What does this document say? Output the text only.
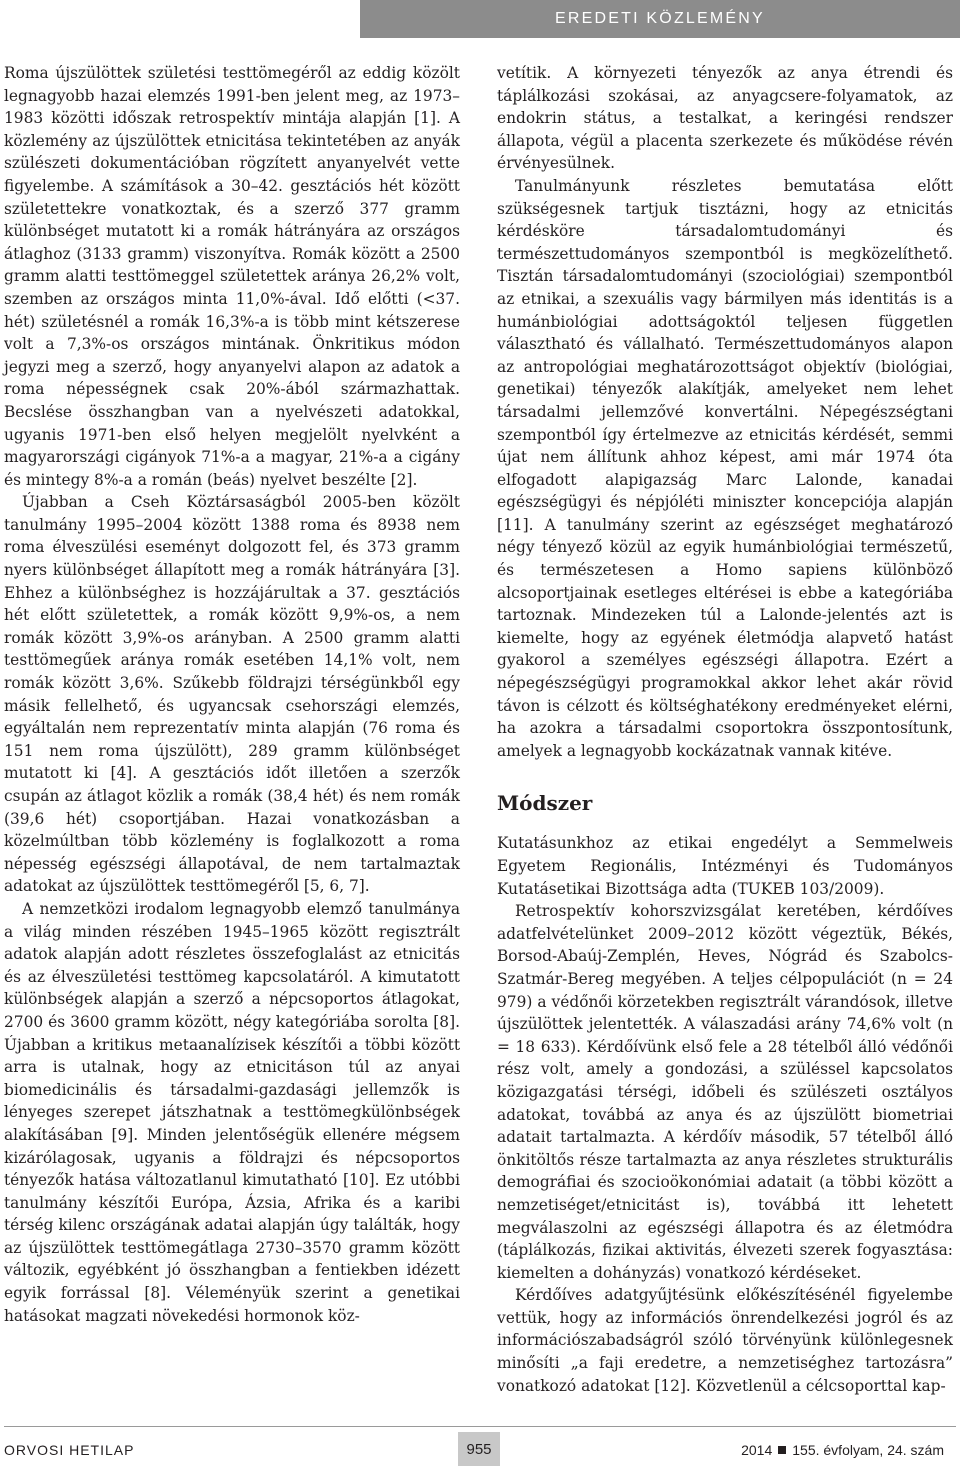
EREDETI KÖZLEMÉNY

Roma újszülöttek születési testtömegéről az eddig közölt legnagyobb hazai elemzés 1991-ben jelent meg, az 1973–1983 közötti időszak retrospektív mintája alapján [1]. A közlemény az újszülöttek etnicitása tekintetében az anyák szülészeti dokumentációban rögzített anyanyelvét vette figyelembe. A számítások a 30–42. gesztációs hét között születettekre vonatkoztak, és a szerző 377 gramm különbséget mutatott ki a romák hátrányára az országos átlaghoz (3133 gramm) viszonyítva. Romák között a 2500 gramm alatti testtömeggel születettek aránya 26,2% volt, szemben az országos minta 11,0%-ával. Idő előtti (<37. hét) születésnél a romák 16,3%-a is több mint kétszerese volt a 7,3%-os országos mintának. Önkritikus módon jegyzi meg a szerző, hogy anyanyelvi alapon az adatok a roma népességnek csak 20%-ából származhattak. Becslése összhangban van a nyelvészeti adatokkal, ugyanis 1971-ben első helyen megjelölt nyelvként a magyarországi cigányok 71%-a a magyar, 21%-a a cigány és mintegy 8%-a a román (beás) nyelvet beszélte [2].

Újabban a Cseh Köztársaságból 2005-ben közölt tanulmány 1995–2004 között 1388 roma és 8938 nem roma élveszülési eseményt dolgozott fel, és 373 gramm nyers különbséget állapított meg a romák hátrányára [3]. Ehhez a különbséghez is hozzájárultak a 37. gesztációs hét előtt születettek, a romák között 9,9%-os, a nem romák között 3,9%-os arányban. A 2500 gramm alatti testtömegűek aránya romák esetében 14,1% volt, nem romák között 3,6%. Szűkebb földrajzi térségünkből egy másik fellelhető, és ugyancsak csehországi elemzés, egyáltalán nem reprezentatív minta alapján (76 roma és 151 nem roma újszülött), 289 gramm különbséget mutatott ki [4]. A gesztációs időt illetően a szerzők csupán az átlagot közlik a romák (38,4 hét) és nem romák (39,6 hét) csoportjában. Hazai vonatkozásban a közelmúltban több közlemény is foglalkozott a roma népesség egészségi állapotával, de nem tartalmaztak adatokat az újszülöttek testtömegéről [5, 6, 7].

A nemzetközi irodalom legnagyobb elemző tanulmánya a világ minden részében 1945–1965 között regisztrált adatok alapján adott részletes összefoglalást az etnicitás és az élveszületési testtömeg kapcsolatáról. A kimutatott különbségek alapján a szerző a népcsoportos átlagokat, 2700 és 3600 gramm között, négy kategóriába sorolta [8]. Újabban a kritikus metaanalízisek készítői a többi között arra is utalnak, hogy az etnicitáson túl az anyai biomedicinális és társadalmi-gazdasági jellemzők is lényeges szerepet játszhatnak a testtömegkülönbségek alakításában [9]. Minden jelentőségük ellenére mégsem kizárólagosak, ugyanis a földrajzi és népcsoportos tényezők hatása változatlanul kimutatható [10]. Ez utóbbi tanulmány készítői Európa, Ázsia, Afrika és a karibi térség kilenc országának adatai alapján úgy találták, hogy az újszülöttek testtömegátlaga 2730–3570 gramm között változik, egyébként jó összhangban a fentiekben idézett egyik forrással [8]. Véleményük szerint a genetikai hatásokat magzati növekedési hormonok köz-

vetítik. A környezeti tényezők az anya étrendi és táplálkozási szokásai, az anyagcsere-folyamatok, az endokrin státus, a testalkat, a keringési rendszer állapota, végül a placenta szerkezete és működése révén érvényesülnek.

Tanulmányunk részletes bemutatása előtt szükségesnek tartjuk tisztázni, hogy az etnicitás kérdésköre társadalomtudományi és természettudományos szempontból is megközelíthető. Tisztán társadalomtudományi (szociológiai) szempontból az etnikai, a szexuális vagy bármilyen más identitás is a humánbiológiai adottságoktól teljesen független választható és vállalható. Természettudományos alapon az antropológiai meghatározottságot objektív (biológiai, genetikai) tényezők alakítják, amelyeket nem lehet társadalmi jellemzővé konvertálni. Népegészségtani szempontból így értelmezve az etnicitás kérdését, semmi újat nem állítunk ahhoz képest, ami már 1974 óta elfogadott alapigazság Marc Lalonde, kanadai egészségügyi és népjóléti miniszter koncepciója alapján [11]. A tanulmány szerint az egészséget meghatározó négy tényező közül az egyik humánbiológiai természetű, és természetesen a Homo sapiens különböző alcsoportjainak esetleges eltérései is ebbe a kategóriába tartoznak. Mindezeken túl a Lalonde-jelentés azt is kiemelte, hogy az egyének életmódja alapvető hatást gyakorol a személyes egészségi állapotra. Ezért a népegészségügyi programokkal akkor lehet akár rövid távon is célzott és költséghatékony eredményeket elérni, ha azokra a társadalmi csoportokra összpontosítunk, amelyek a legnagyobb kockázatnak vannak kitéve.

Módszer

Kutatásunkhoz az etikai engedélyt a Semmelweis Egyetem Regionális, Intézményi és Tudományos Kutatásetikai Bizottsága adta (TUKEB 103/2009).

Retrospektív kohorszvizsgálat keretében, kérdőíves adatfelvételünket 2009–2012 között végeztük, Békés, Borsod-Abaúj-Zemplén, Heves, Nógrád és Szabolcs-Szatmár-Bereg megyében. A teljes célpopulációt (n = 24 979) a védőnői körzetekben regisztrált várandósok, illetve újszülöttek jelentették. A válaszadási arány 74,6% volt (n = 18 633). Kérdőívünk első fele a 28 tételből álló védőnői rész volt, amely a gondozási, a szüléssel kapcsolatos közigazgatási térségi, időbeli és szülészeti osztályos adatokat, továbbá az anya és az újszülött biometriai adatait tartalmazta. A kérdőív második, 57 tételből álló önkitöltős része tartalmazta az anya részletes strukturális demográfiai és szocioökonómiai adatait (a többi között a nemzetiséget/etnicitást is), továbbá itt lehetett megválaszolni az egészségi állapotra és az életmódra (táplálkozás, fizikai aktivitás, élvezeti szerek fogyasztása: kiemelten a dohányzás) vonatkozó kérdéseket.

Kérdőíves adatgyűjtésünk előkészítésénél figyelembe vettük, hogy az információs önrendelkezési jogról és az információszabadságról szóló törvényünk különlegesnek minősíti „a faji eredetre, a nemzetiséghez tartozásra” vonatkozó adatokat [12]. Közvetlenül a célcsoporttal kap-

ORVOSI HETILAP	955	2014 155. évfolyam, 24. szám
